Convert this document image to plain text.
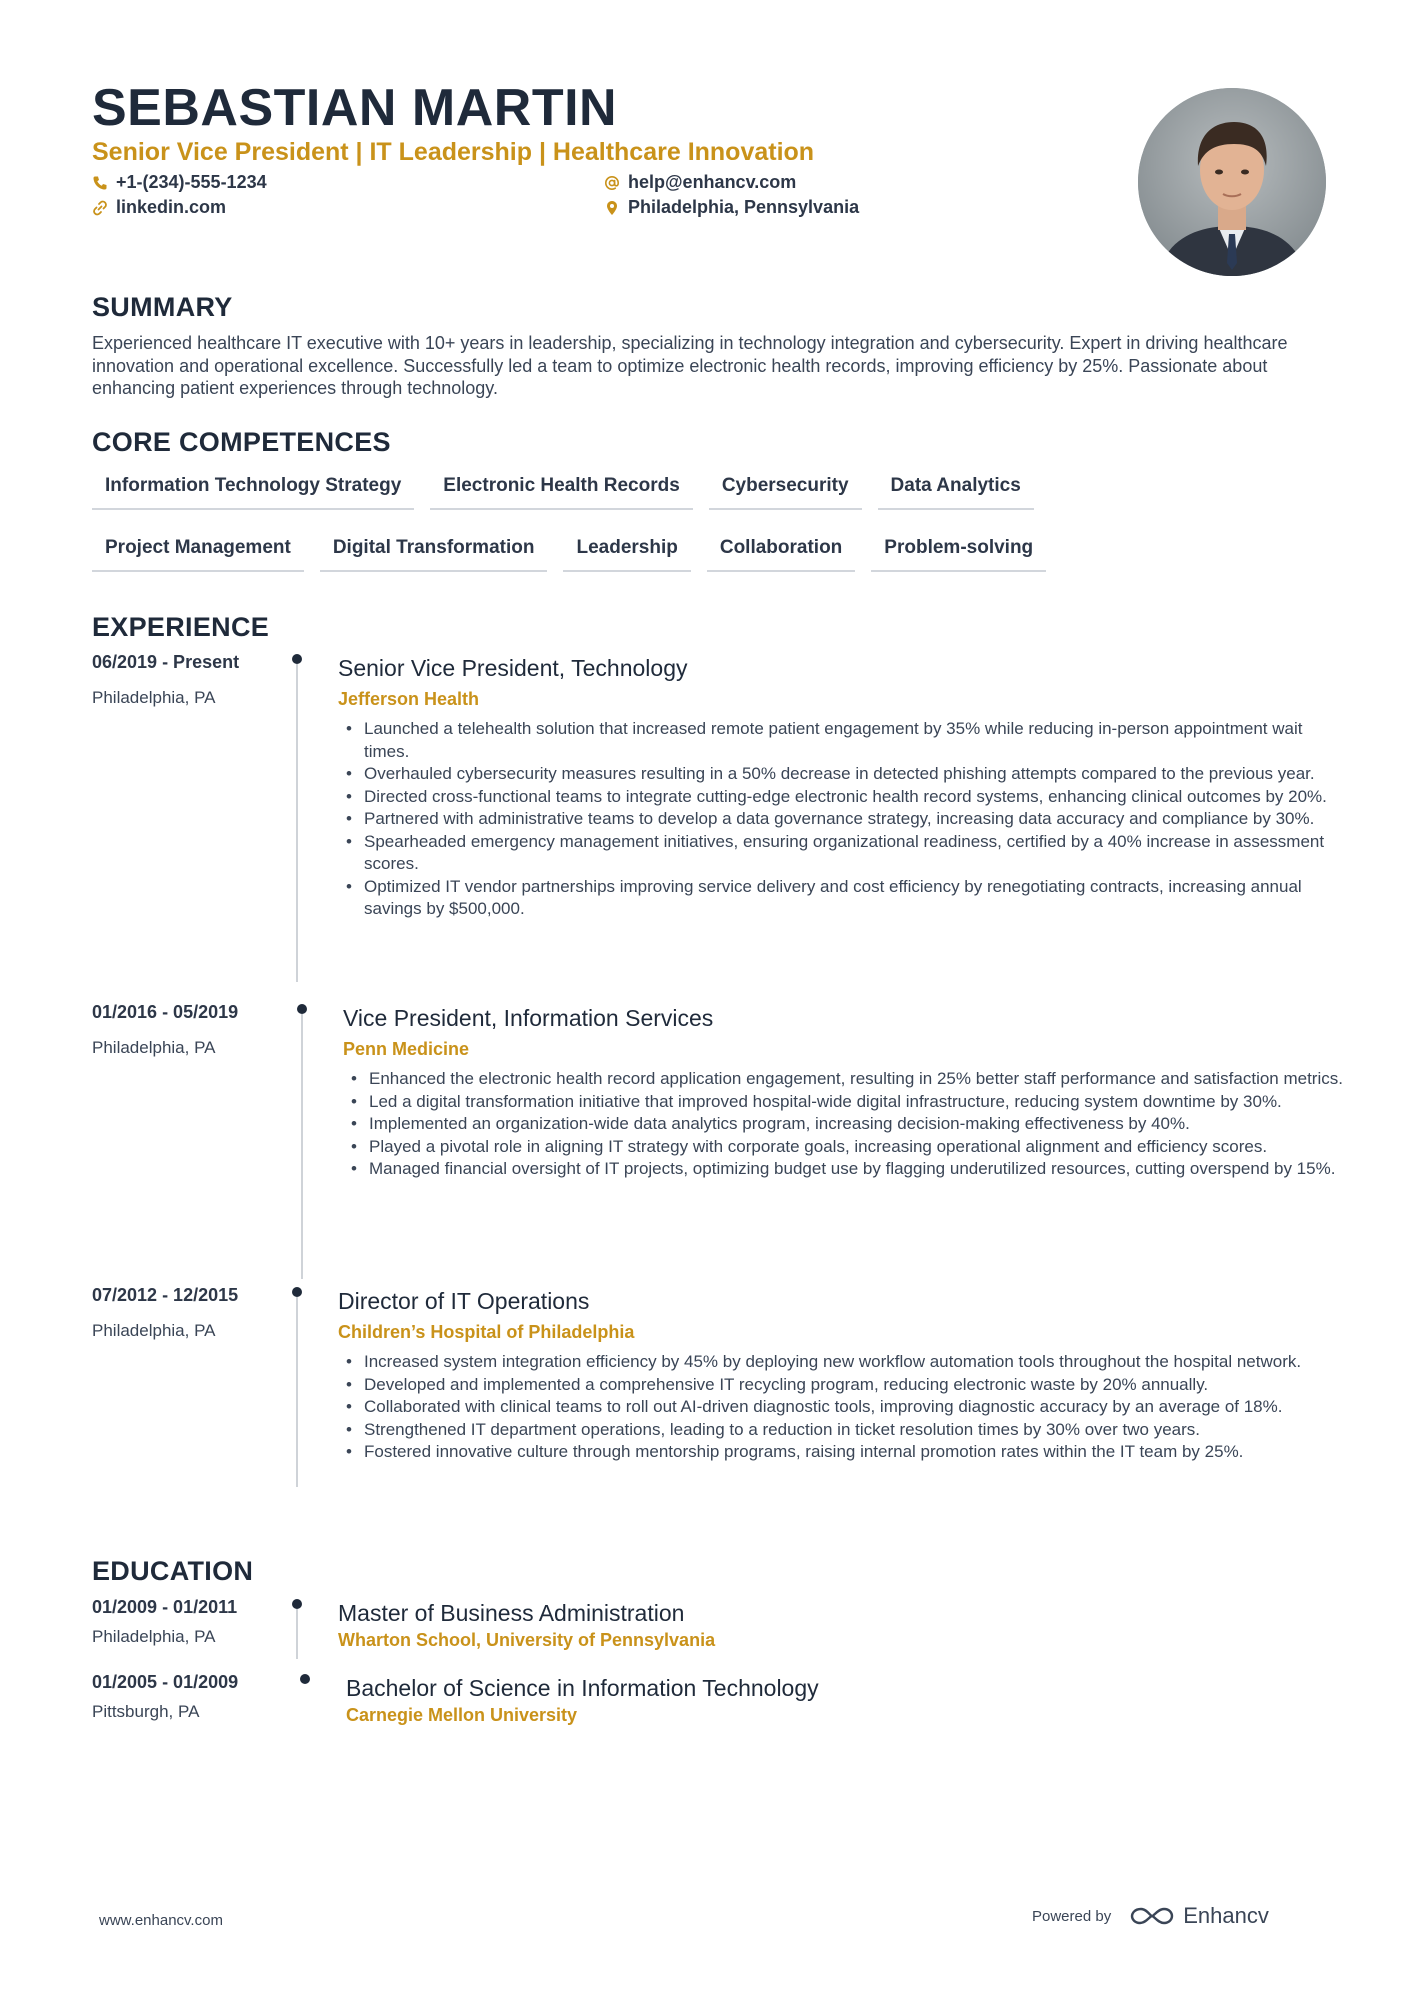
SEBASTIAN MARTIN
Senior Vice President | IT Leadership | Healthcare Innovation
+1-(234)-555-1234
linkedin.com
help@enhancv.com
Philadelphia, Pennsylvania
SUMMARY
Experienced healthcare IT executive with 10+ years in leadership, specializing in technology integration and cybersecurity. Expert in driving healthcare innovation and operational excellence. Successfully led a team to optimize electronic health records, improving efficiency by 25%. Passionate about enhancing patient experiences through technology.
CORE COMPETENCES
Information Technology Strategy	Electronic Health Records	Cybersecurity	Data Analytics
Project Management	Digital Transformation	Leadership	Collaboration	Problem-solving
EXPERIENCE
06/2019 - Present
Philadelphia, PA
Senior Vice President, Technology
Jefferson Health
• Launched a telehealth solution that increased remote patient engagement by 35% while reducing in-person appointment wait times.
• Overhauled cybersecurity measures resulting in a 50% decrease in detected phishing attempts compared to the previous year.
• Directed cross-functional teams to integrate cutting-edge electronic health record systems, enhancing clinical outcomes by 20%.
• Partnered with administrative teams to develop a data governance strategy, increasing data accuracy and compliance by 30%.
• Spearheaded emergency management initiatives, ensuring organizational readiness, certified by a 40% increase in assessment scores.
• Optimized IT vendor partnerships improving service delivery and cost efficiency by renegotiating contracts, increasing annual savings by $500,000.
01/2016 - 05/2019
Philadelphia, PA
Vice President, Information Services
Penn Medicine
• Enhanced the electronic health record application engagement, resulting in 25% better staff performance and satisfaction metrics.
• Led a digital transformation initiative that improved hospital-wide digital infrastructure, reducing system downtime by 30%.
• Implemented an organization-wide data analytics program, increasing decision-making effectiveness by 40%.
• Played a pivotal role in aligning IT strategy with corporate goals, increasing operational alignment and efficiency scores.
• Managed financial oversight of IT projects, optimizing budget use by flagging underutilized resources, cutting overspend by 15%.
07/2012 - 12/2015
Philadelphia, PA
Director of IT Operations
Children’s Hospital of Philadelphia
• Increased system integration efficiency by 45% by deploying new workflow automation tools throughout the hospital network.
• Developed and implemented a comprehensive IT recycling program, reducing electronic waste by 20% annually.
• Collaborated with clinical teams to roll out AI-driven diagnostic tools, improving diagnostic accuracy by an average of 18%.
• Strengthened IT department operations, leading to a reduction in ticket resolution times by 30% over two years.
• Fostered innovative culture through mentorship programs, raising internal promotion rates within the IT team by 25%.
EDUCATION
01/2009 - 01/2011
Philadelphia, PA
Master of Business Administration
Wharton School, University of Pennsylvania
01/2005 - 01/2009
Pittsburgh, PA
Bachelor of Science in Information Technology
Carnegie Mellon University
www.enhancv.com	Powered by	Enhancv
